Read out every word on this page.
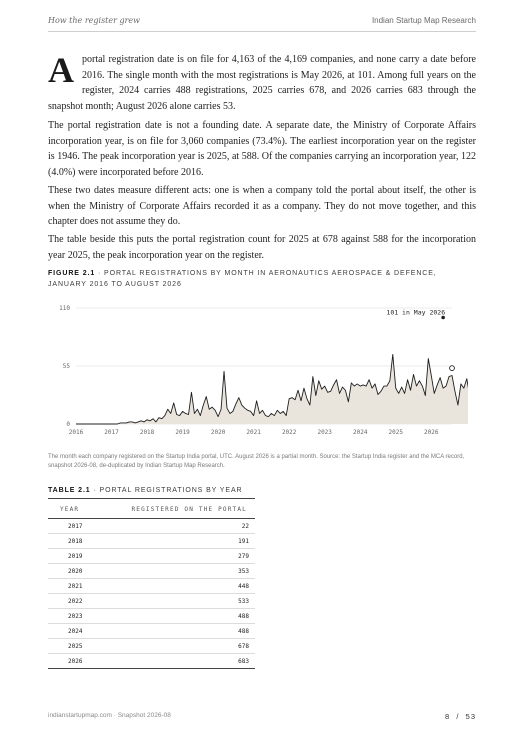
How the register grew	Indian Startup Map Research

Aportal registration date is on file for 4,163 of the 4,169 companies, and none carry a date before 2016. The single month with the most registrations is May 2026, at 101. Among full years on the register, 2024 carries 488 registrations, 2025 carries 678, and 2026 carries 683 through the snapshot month; August 2026 alone carries 53.

The portal registration date is not a founding date. A separate date, the Ministry of Corporate Affairs incorporation year, is on file for 3,060 companies (73.4%). The earliest incorporation year on the register is 1946. The peak incorporation year is 2025, at 588. Of the companies carrying an incorporation year, 122 (4.0%) were incorporated before 2016.

These two dates measure different acts: one is when a company told the portal about itself, the other is when the Ministry of Corporate Affairs recorded it as a company. They do not move together, and this chapter does not assume they do.

The table beside this puts the portal registration count for 2025 at 678 against 588 for the incorporation year 2025, the peak incorporation year on the register.

FIGURE 2.1 · PORTAL REGISTRATIONS BY MONTH IN AERONAUTICS AEROSPACE & DEFENCE, JANUARY 2016 TO AUGUST 2026
0
55
110
2016	2017	2018	2019	2020	2021	2022	2023	2024	2025	2026
101 in May 2026

The month each company registered on the Startup India portal, UTC. August 2026 is a partial month. Source: the Startup India register and the MCA record, snapshot 2026-08, de-duplicated by Indian Startup Map Research.

TABLE 2.1 · PORTAL REGISTRATIONS BY YEAR
YEAR	REGISTERED ON THE PORTAL
2017	22
2018	191
2019	279
2020	353
2021	448
2022	533
2023	488
2024	488
2025	678
2026	683
indianstartupmap.com · Snapshot 2026-08	8 / 53
